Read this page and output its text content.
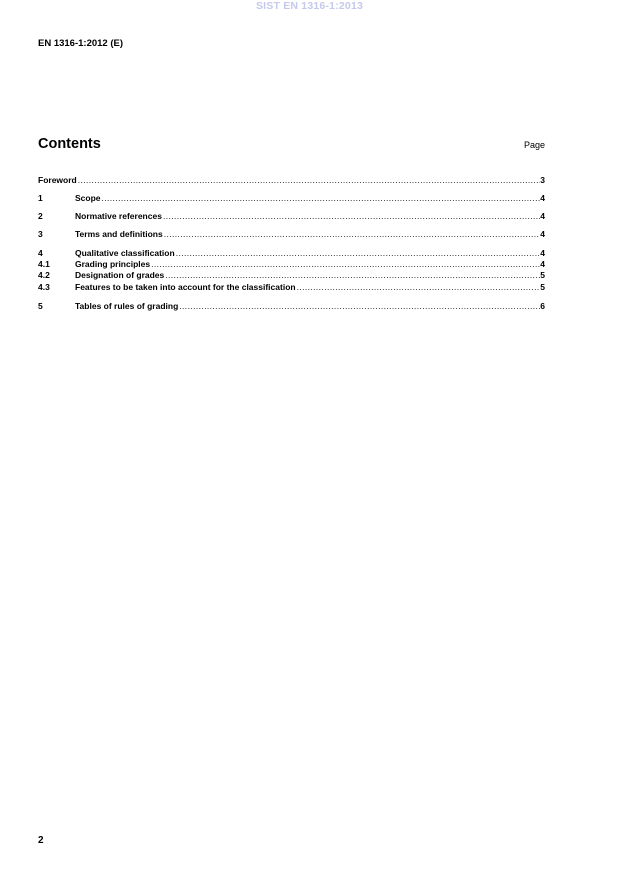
SIST EN 1316-1:2013
EN 1316-1:2012 (E)
Contents	Page
Foreword .....	3
1	Scope .....	4
2	Normative references .....	4
3	Terms and definitions .....	4
4	Qualitative classification .....	4
4.1	Grading principles .....	4
4.2	Designation of grades .....	5
4.3	Features to be taken into account for the classification .....	5
5	Tables of rules of grading .....	6
2
